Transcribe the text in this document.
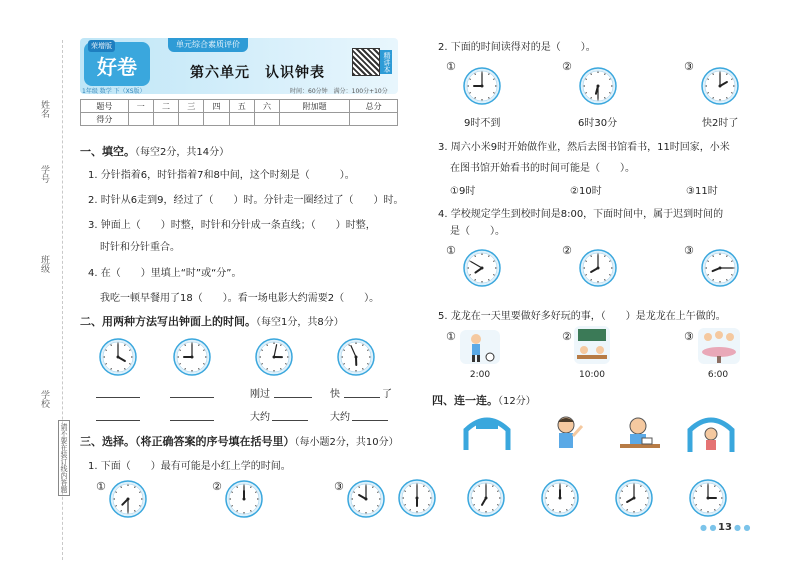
姓名
学号
班级
学校
请不要在装订线内答题
好卷
荣增版
1年级 数学 下（XS版）
单元综合素质评价
第六单元　认识钟表
精讲本
时间：60分钟　满分：100分+10分
题号	一	二	三	四	五	六	附加题	总分
得分								
一、填空。（每空2分，共14分）
1. 分针指着6，时针指着7和8中间，这个时刻是（　　　）。
2. 时针从6走到9，经过了（　　）时。分针走一圈经过了（　　）时。
3. 钟面上（　　）时整，时针和分针成一条直线；（　　）时整，
时针和分针重合。
4. 在（　　）里填上“时”或“分”。
我吃一顿早餐用了18（　　）。看一场电影大约需要2（　　）。
二、用两种方法写出钟面上的时间。（每空1分，共8分）
刚过	快	了
大约	大约
三、选择。（将正确答案的序号填在括号里）（每小题2分，共10分）
1. 下面（　　）最有可能是小红上学的时间。
①	②	③
2. 下面的时间读得对的是（　　）。
①	②	③
9时不到	6时30分	快2时了
3. 周六小米9时开始做作业，然后去图书馆看书，11时回家，小米
在图书馆开始看书的时间可能是（　　）。
①9时	②10时	③11时
4. 学校规定学生到校时间是8:00，下面时间中，属于迟到时间的
是（　　）。
①	②	③
5. 龙龙在一天里要做好多好玩的事，（　　）是龙龙在上午做的。
①
2:00
②
10:00
③
6:00
四、连一连。（12分）
● ● 13 ● ●
